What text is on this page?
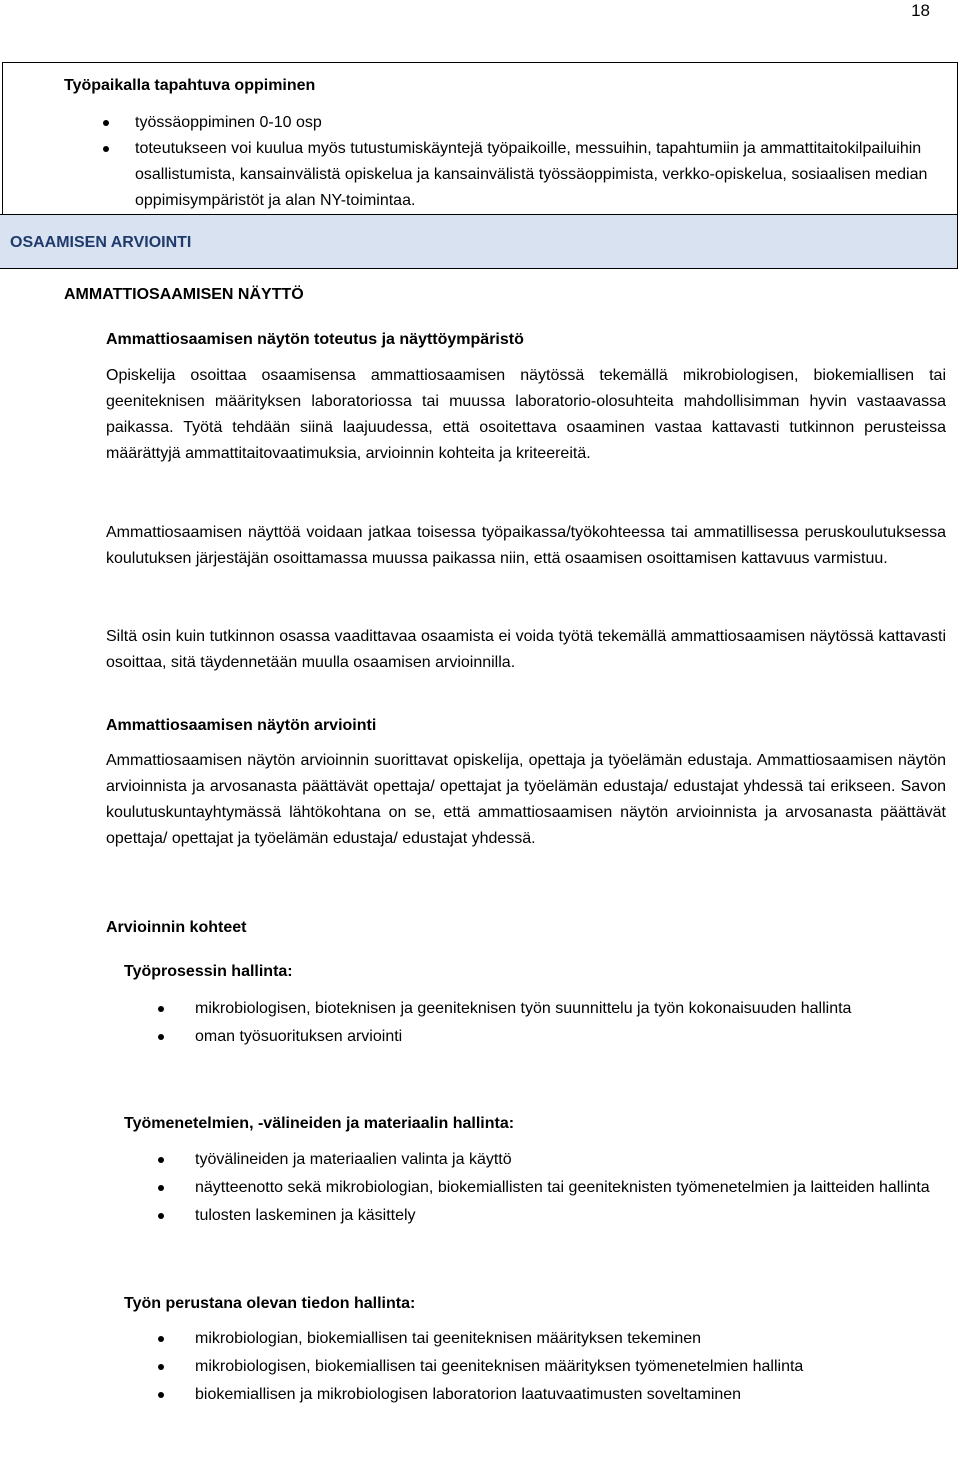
18
Työpaikalla tapahtuva oppiminen
työssäoppiminen 0-10 osp
toteutukseen voi kuulua myös tutustumiskäyntejä työpaikoille, messuihin, tapahtumiin ja ammattitaitokilpailuihin osallistumista, kansainvälistä opiskelua ja kansainvälistä työssäoppimista, verkko-opiskelua, sosiaalisen median oppimisympäristöt ja alan NY-toimintaa.
OSAAMISEN ARVIOINTI
AMMATTIOSAAMISEN NÄYTTÖ
Ammattiosaamisen näytön toteutus ja näyttöympäristö
Opiskelija osoittaa osaamisensa ammattiosaamisen näytössä tekemällä mikrobiologisen, biokemiallisen tai geeniteknisen määrityksen laboratoriossa tai muussa laboratorio-olosuhteita mahdollisimman hyvin vastaavassa paikassa. Työtä tehdään siinä laajuudessa, että osoitettava osaaminen vastaa kattavasti tutkinnon perusteissa määrättyjä ammattitaitovaatimuksia, arvioinnin kohteita ja kriteereitä.
Ammattiosaamisen näyttöä voidaan jatkaa toisessa työpaikassa/työkohteessa tai ammatillisessa peruskoulutuksessa koulutuksen järjestäjän osoittamassa muussa paikassa niin, että osaamisen osoittamisen kattavuus varmistuu.
Siltä osin kuin tutkinnon osassa vaadittavaa osaamista ei voida työtä tekemällä ammattiosaamisen näytössä kattavasti osoittaa, sitä täydennetään muulla osaamisen arvioinnilla.
Ammattiosaamisen näytön arviointi
Ammattiosaamisen näytön arvioinnin suorittavat opiskelija, opettaja ja työelämän edustaja. Ammattiosaamisen näytön arvioinnista ja arvosanasta päättävät opettaja/ opettajat ja työelämän edustaja/ edustajat yhdessä tai erikseen. Savon koulutuskuntayhtymässä lähtökohtana on se, että ammattiosaamisen näytön arvioinnista ja arvosanasta päättävät opettaja/ opettajat ja työelämän edustaja/ edustajat yhdessä.
Arvioinnin kohteet
Työprosessin hallinta:
mikrobiologisen, bioteknisen ja geeniteknisen työn suunnittelu ja työn kokonaisuuden hallinta
oman työsuorituksen arviointi
Työmenetelmien, -välineiden ja materiaalin hallinta:
työvälineiden ja materiaalien valinta ja käyttö
näytteenotto sekä mikrobiologian, biokemiallisten tai geeniteknisten työmenetelmien ja laitteiden hallinta
tulosten laskeminen ja käsittely
Työn perustana olevan tiedon hallinta:
mikrobiologian, biokemiallisen tai geeniteknisen määrityksen tekeminen
mikrobiologisen, biokemiallisen tai geeniteknisen määrityksen työmenetelmien hallinta
biokemiallisen ja mikrobiologisen laboratorion laatuvaatimusten soveltaminen
